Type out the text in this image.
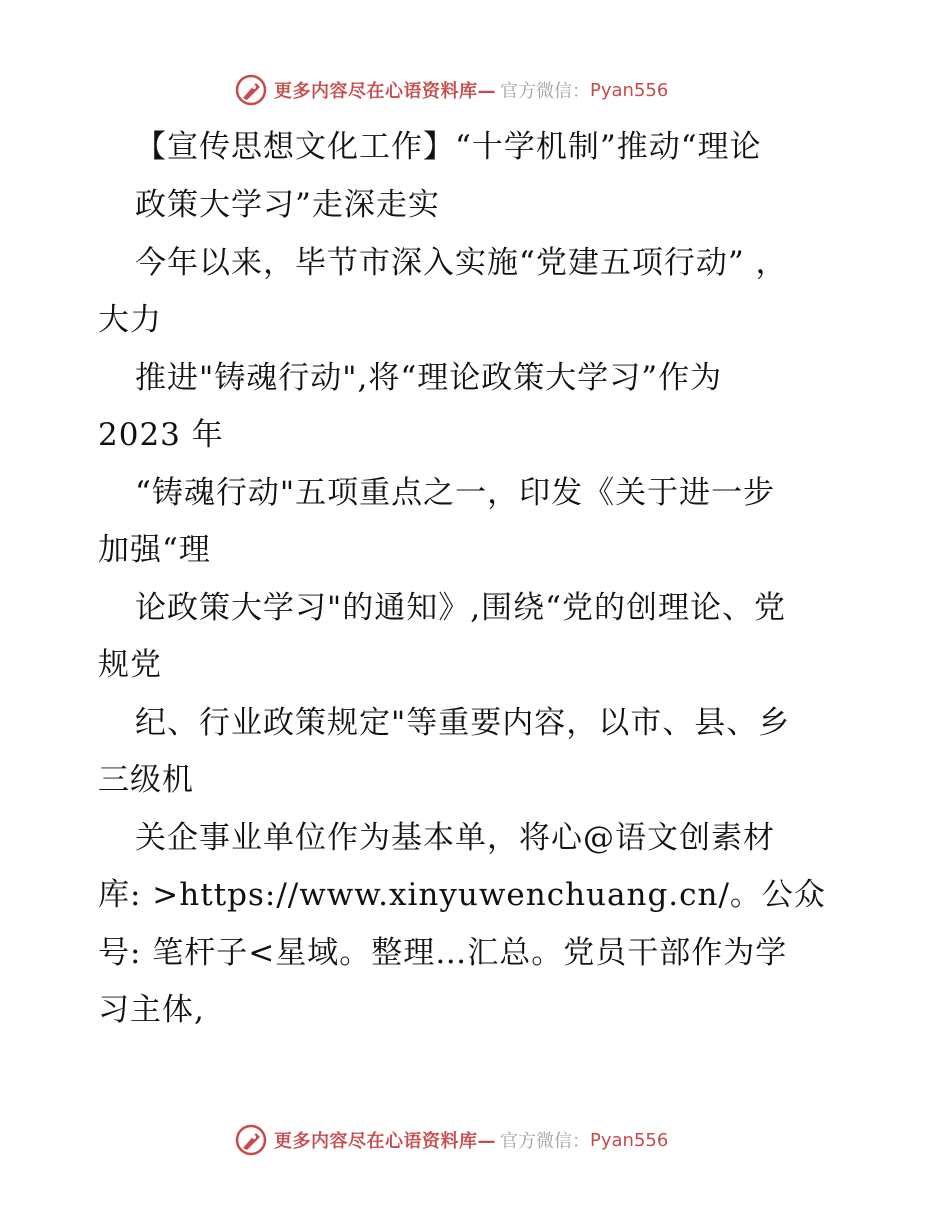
更多内容尽在心语资料库— 官方微信： Pyan556
【宣传思想文化工作】“十学机制”推动“理论
政策大学习”走深走实
今年以来，毕节市深入实施“党建五项行动” ，
大力
推进"铸魂行动",将“理论政策大学习”作为
2023 年
“铸魂行动"五项重点之一，印发《关于进一步
加强“理
论政策大学习"的通知》,围绕“党的创理论、党
规党
纪、行业政策规定"等重要内容，以市、县、乡
三级机
关企事业单位作为基本单，将心@语文创素材
库: >https://www.xinyuwenchuang.cn/。公众
号: 笔杆子<星域。整理…汇总。党员干部作为学
习主体,
更多内容尽在心语资料库— 官方微信： Pyan556
